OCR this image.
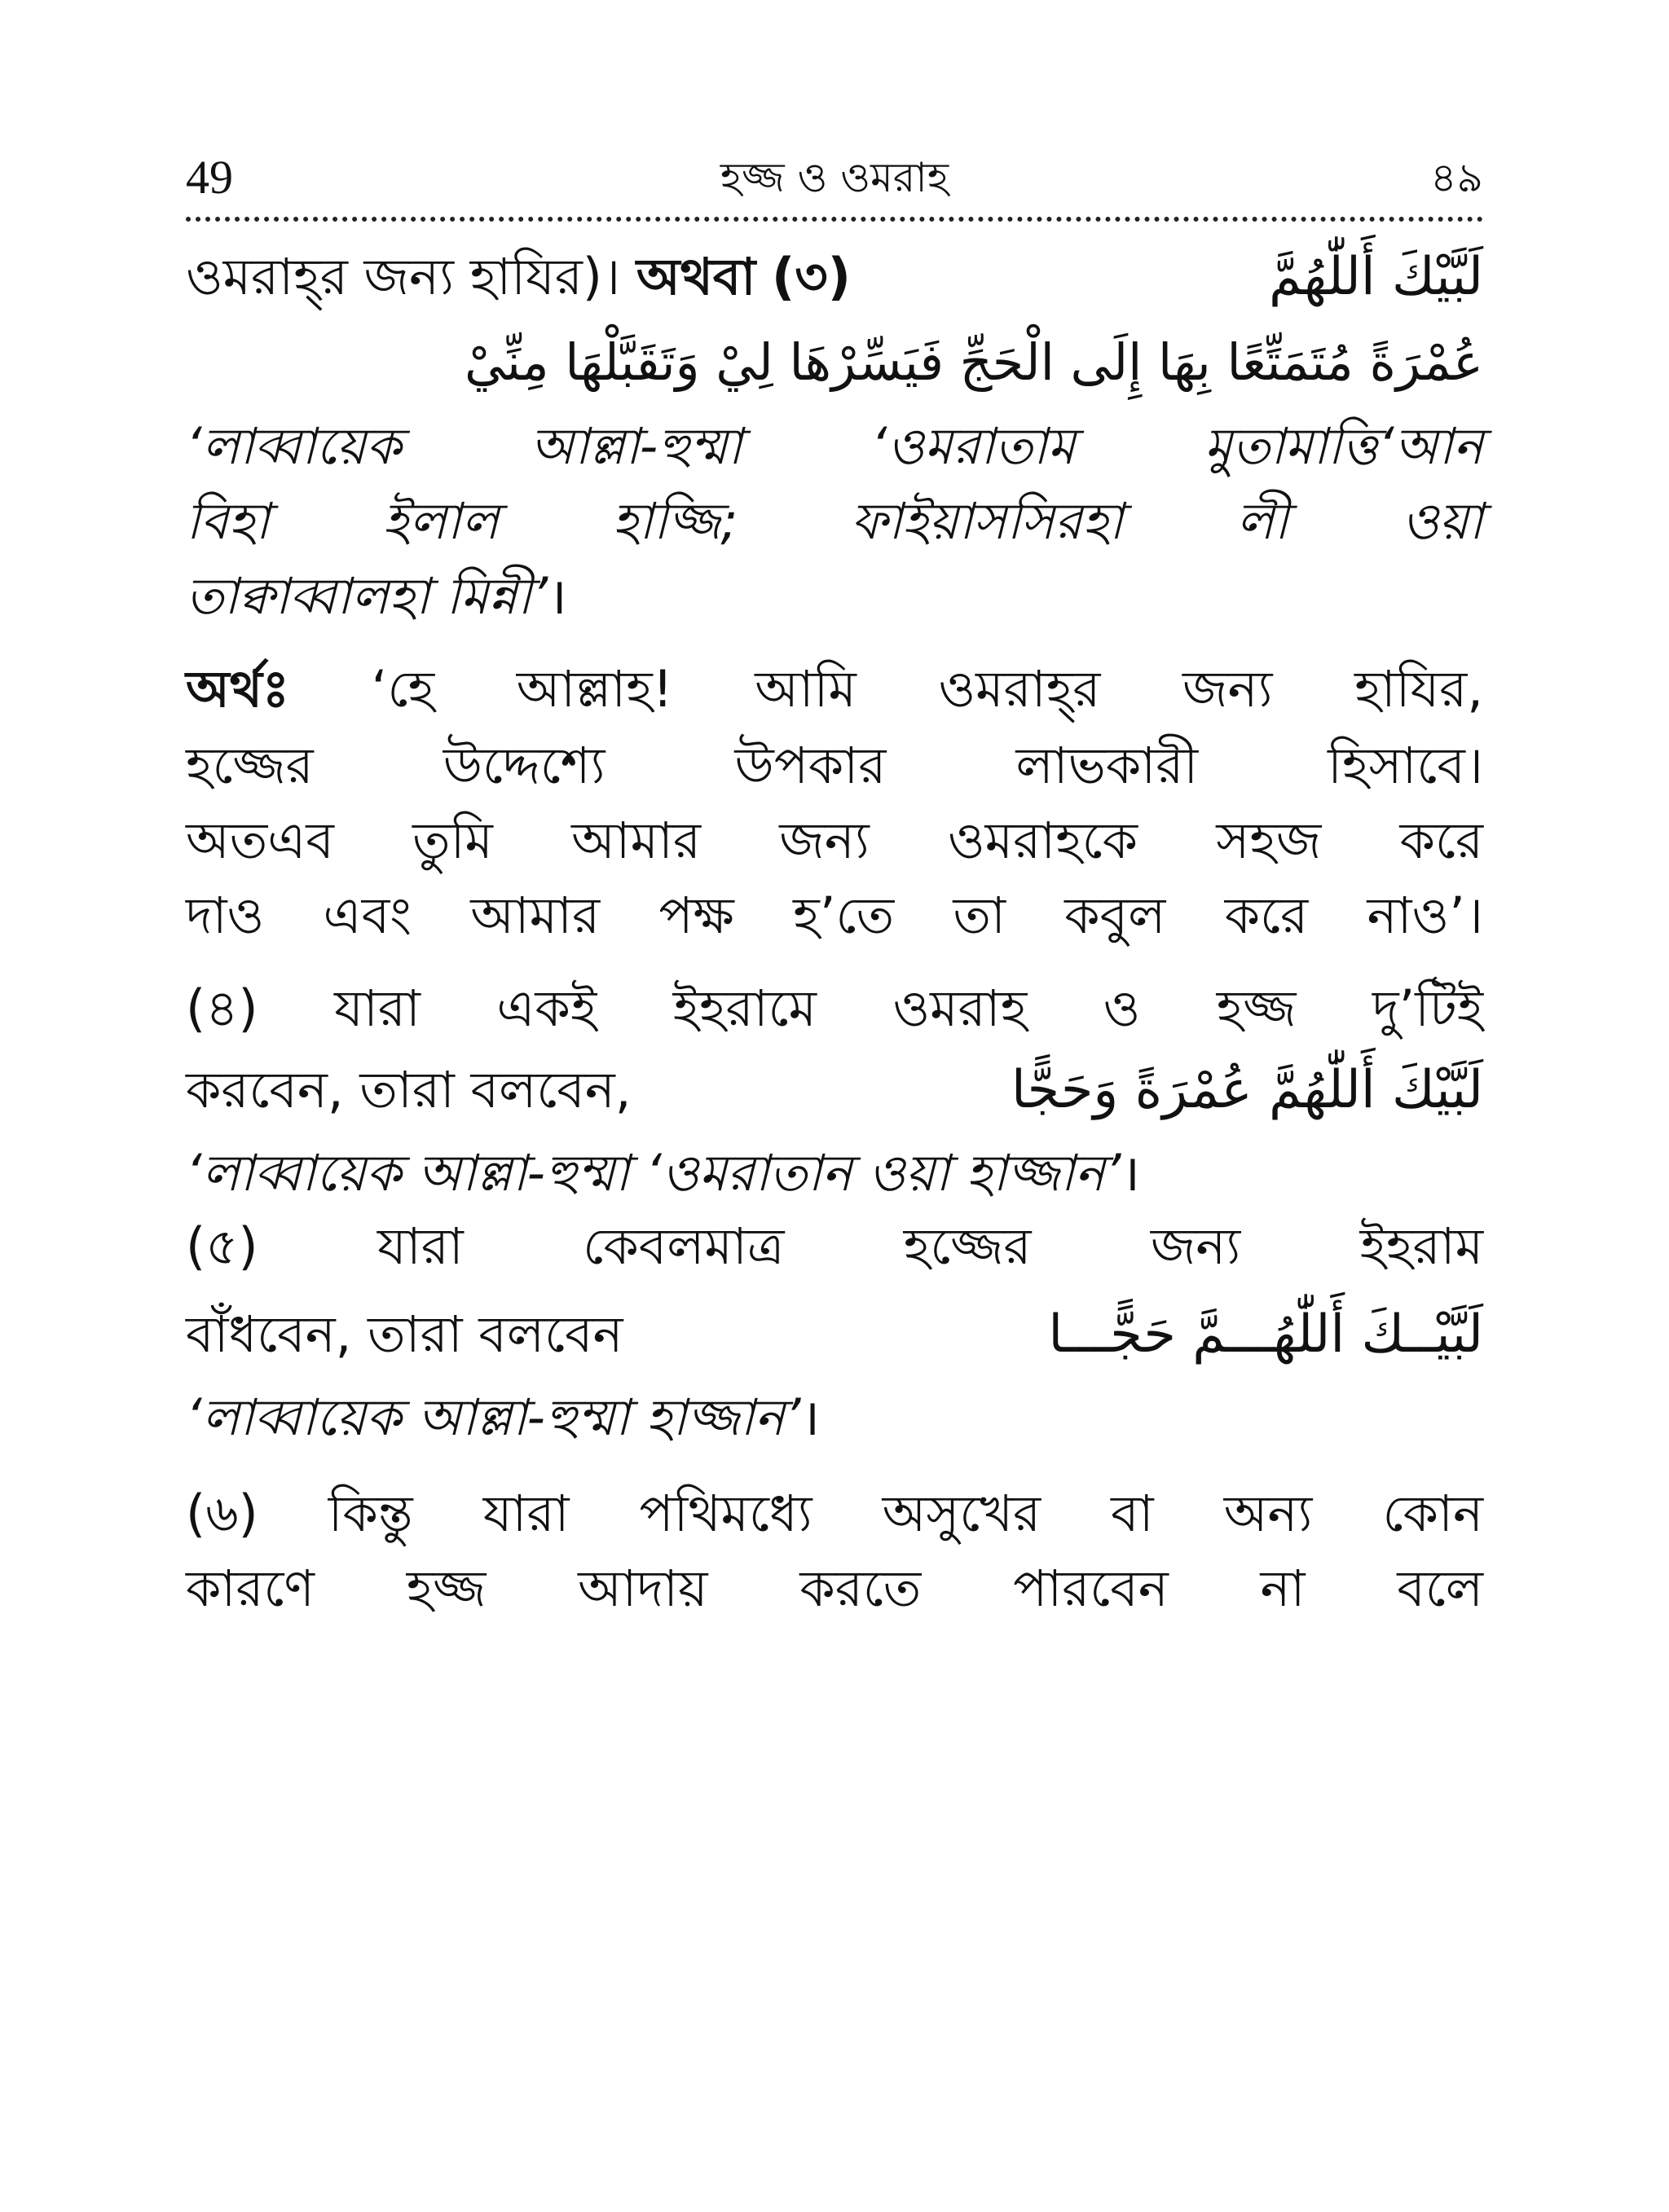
49	হজ্জ ও ওমরাহ	৪৯
ওমরাহ্‌র জন্য হাযির)। অথবা (৩)	لَبَّيْكَ أَللّٰهُمَّ
عُمْرَةً مُتَمَتِّعًا بِهَا إِلَى الْحَجِّ فَيَسِّرْهَا لِيْ وَتَقَبَّلْهَا مِنِّيْ
‘লাব্বায়েক আল্লা-হুম্মা ‘ওমরাতাম মুতামাত্তি‘আন
বিহা ইলাল হাজ্জি; ফাইয়াসসিরহা লী ওয়া
তাক্বাব্বালহা মিন্নী’।
অর্থঃ ‘হে আল্লাহ! আমি ওমরাহ্‌র জন্য হাযির,
হজ্জের উদ্দেশ্যে উপকার লাভকারী হিসাবে।
অতএব তুমি আমার জন্য ওমরাহকে সহজ করে
দাও এবং আমার পক্ষ হ’তে তা কবুল করে নাও’।
(৪) যারা একই ইহরামে ওমরাহ ও হজ্জ দু’টিই
করবেন, তারা বলবেন,	لَبَّيْكَ أَللّٰهُمَّ عُمْرَةً وَحَجًّا
‘লাব্বায়েক আল্লা-হুম্মা ‘ওমরাতান ওয়া হাজ্জান’।
(৫) যারা কেবলমাত্র হজ্জের জন্য ইহরাম
বাঁধবেন, তারা বলবেন	لَبَّيْــكَ أَللّٰهُـــمَّ حَجًّـــا
‘লাব্বায়েক আল্লা-হুম্মা হাজ্জান’।
(৬) কিন্তু যারা পথিমধ্যে অসুখের বা অন্য কোন
কারণে হজ্জ আদায় করতে পারবেন না বলে
